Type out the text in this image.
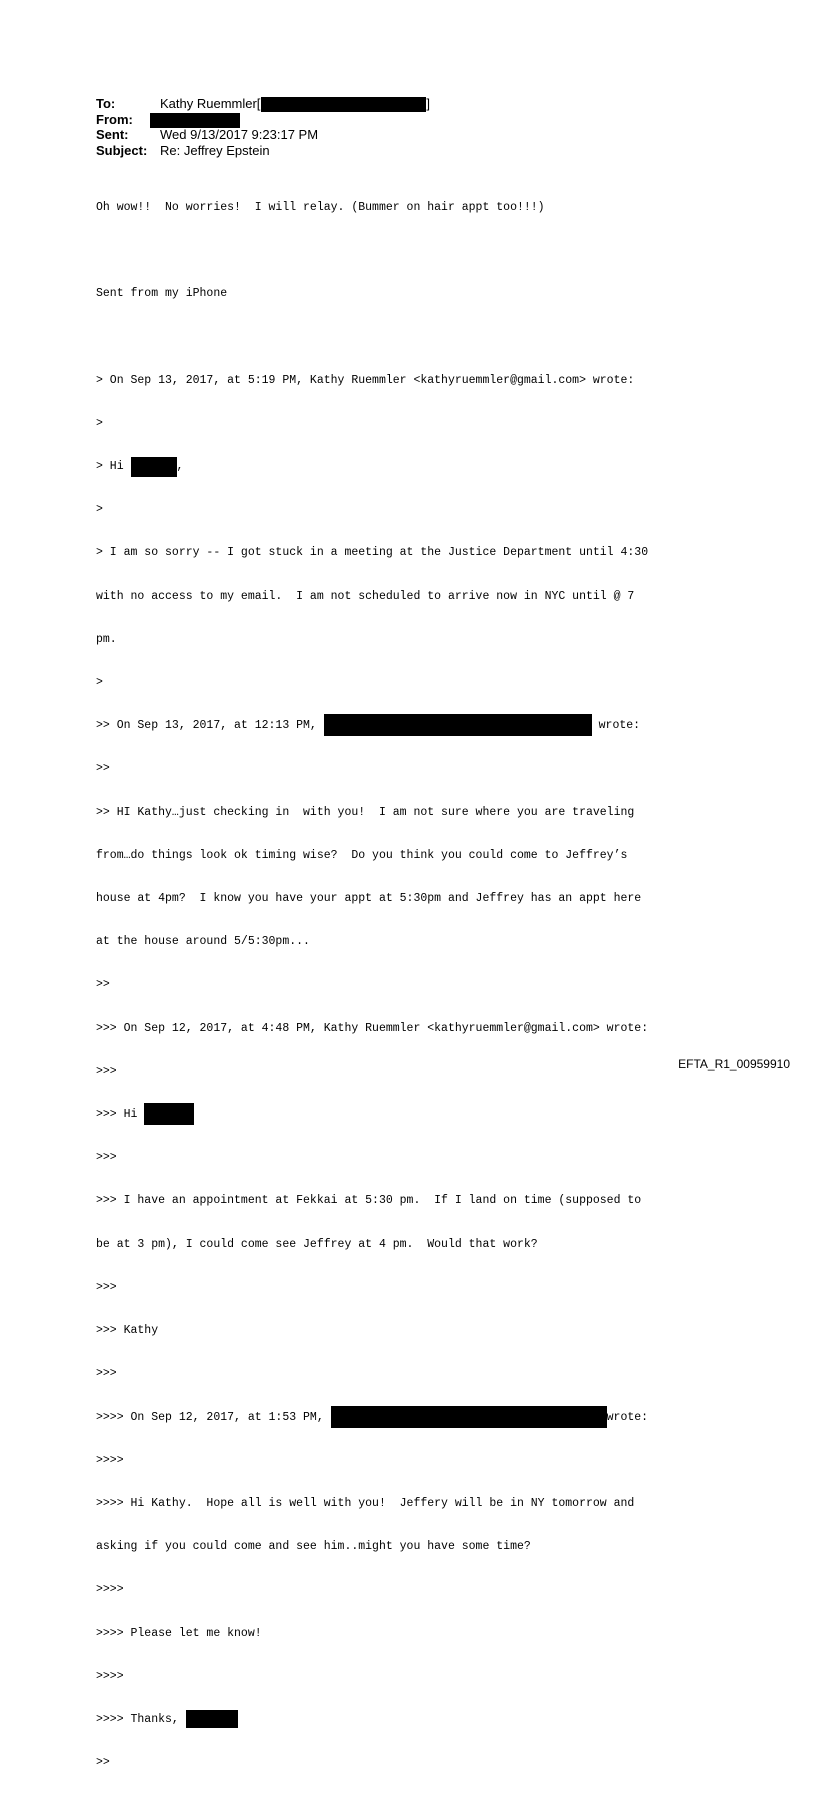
To:	Kathy Ruemmler[	]
From:
Sent:	Wed 9/13/2017 9:23:17 PM
Subject: Re: Jeffrey Epstein

Oh wow!!  No worries!  I will relay. (Bummer on hair appt too!!!)

Sent from my iPhone

> On Sep 13, 2017, at 5:19 PM, Kathy Ruemmler <kathyruemmler@gmail.com> wrote:

>

> Hi	,

>

> I am so sorry -- I got stuck in a meeting at the Justice Department until 4:30

with no access to my email.  I am not scheduled to arrive now in NYC until @ 7

pm.

>

>> On Sep 13, 2017, at 12:13 PM,	wrote:

>>

>> HI Kathy…just checking in  with you!  I am not sure where you are traveling

from…do things look ok timing wise?  Do you think you could come to Jeffrey’s

house at 4pm?  I know you have your appt at 5:30pm and Jeffrey has an appt here

at the house around 5/5:30pm...

>>

>>> On Sep 12, 2017, at 4:48 PM, Kathy Ruemmler <kathyruemmler@gmail.com> wrote:

>>>

>>> Hi

>>>

>>> I have an appointment at Fekkai at 5:30 pm.  If I land on time (supposed to

be at 3 pm), I could come see Jeffrey at 4 pm.  Would that work?

>>>

>>> Kathy

>>>

>>>> On Sep 12, 2017, at 1:53 PM,	wrote:

>>>>

>>>> Hi Kathy.  Hope all is well with you!  Jeffery will be in NY tomorrow and

asking if you could come and see him..might you have some time?

>>>>

>>>> Please let me know!

>>>>

>>>> Thanks,

>>

EFTA_R1_00959910
